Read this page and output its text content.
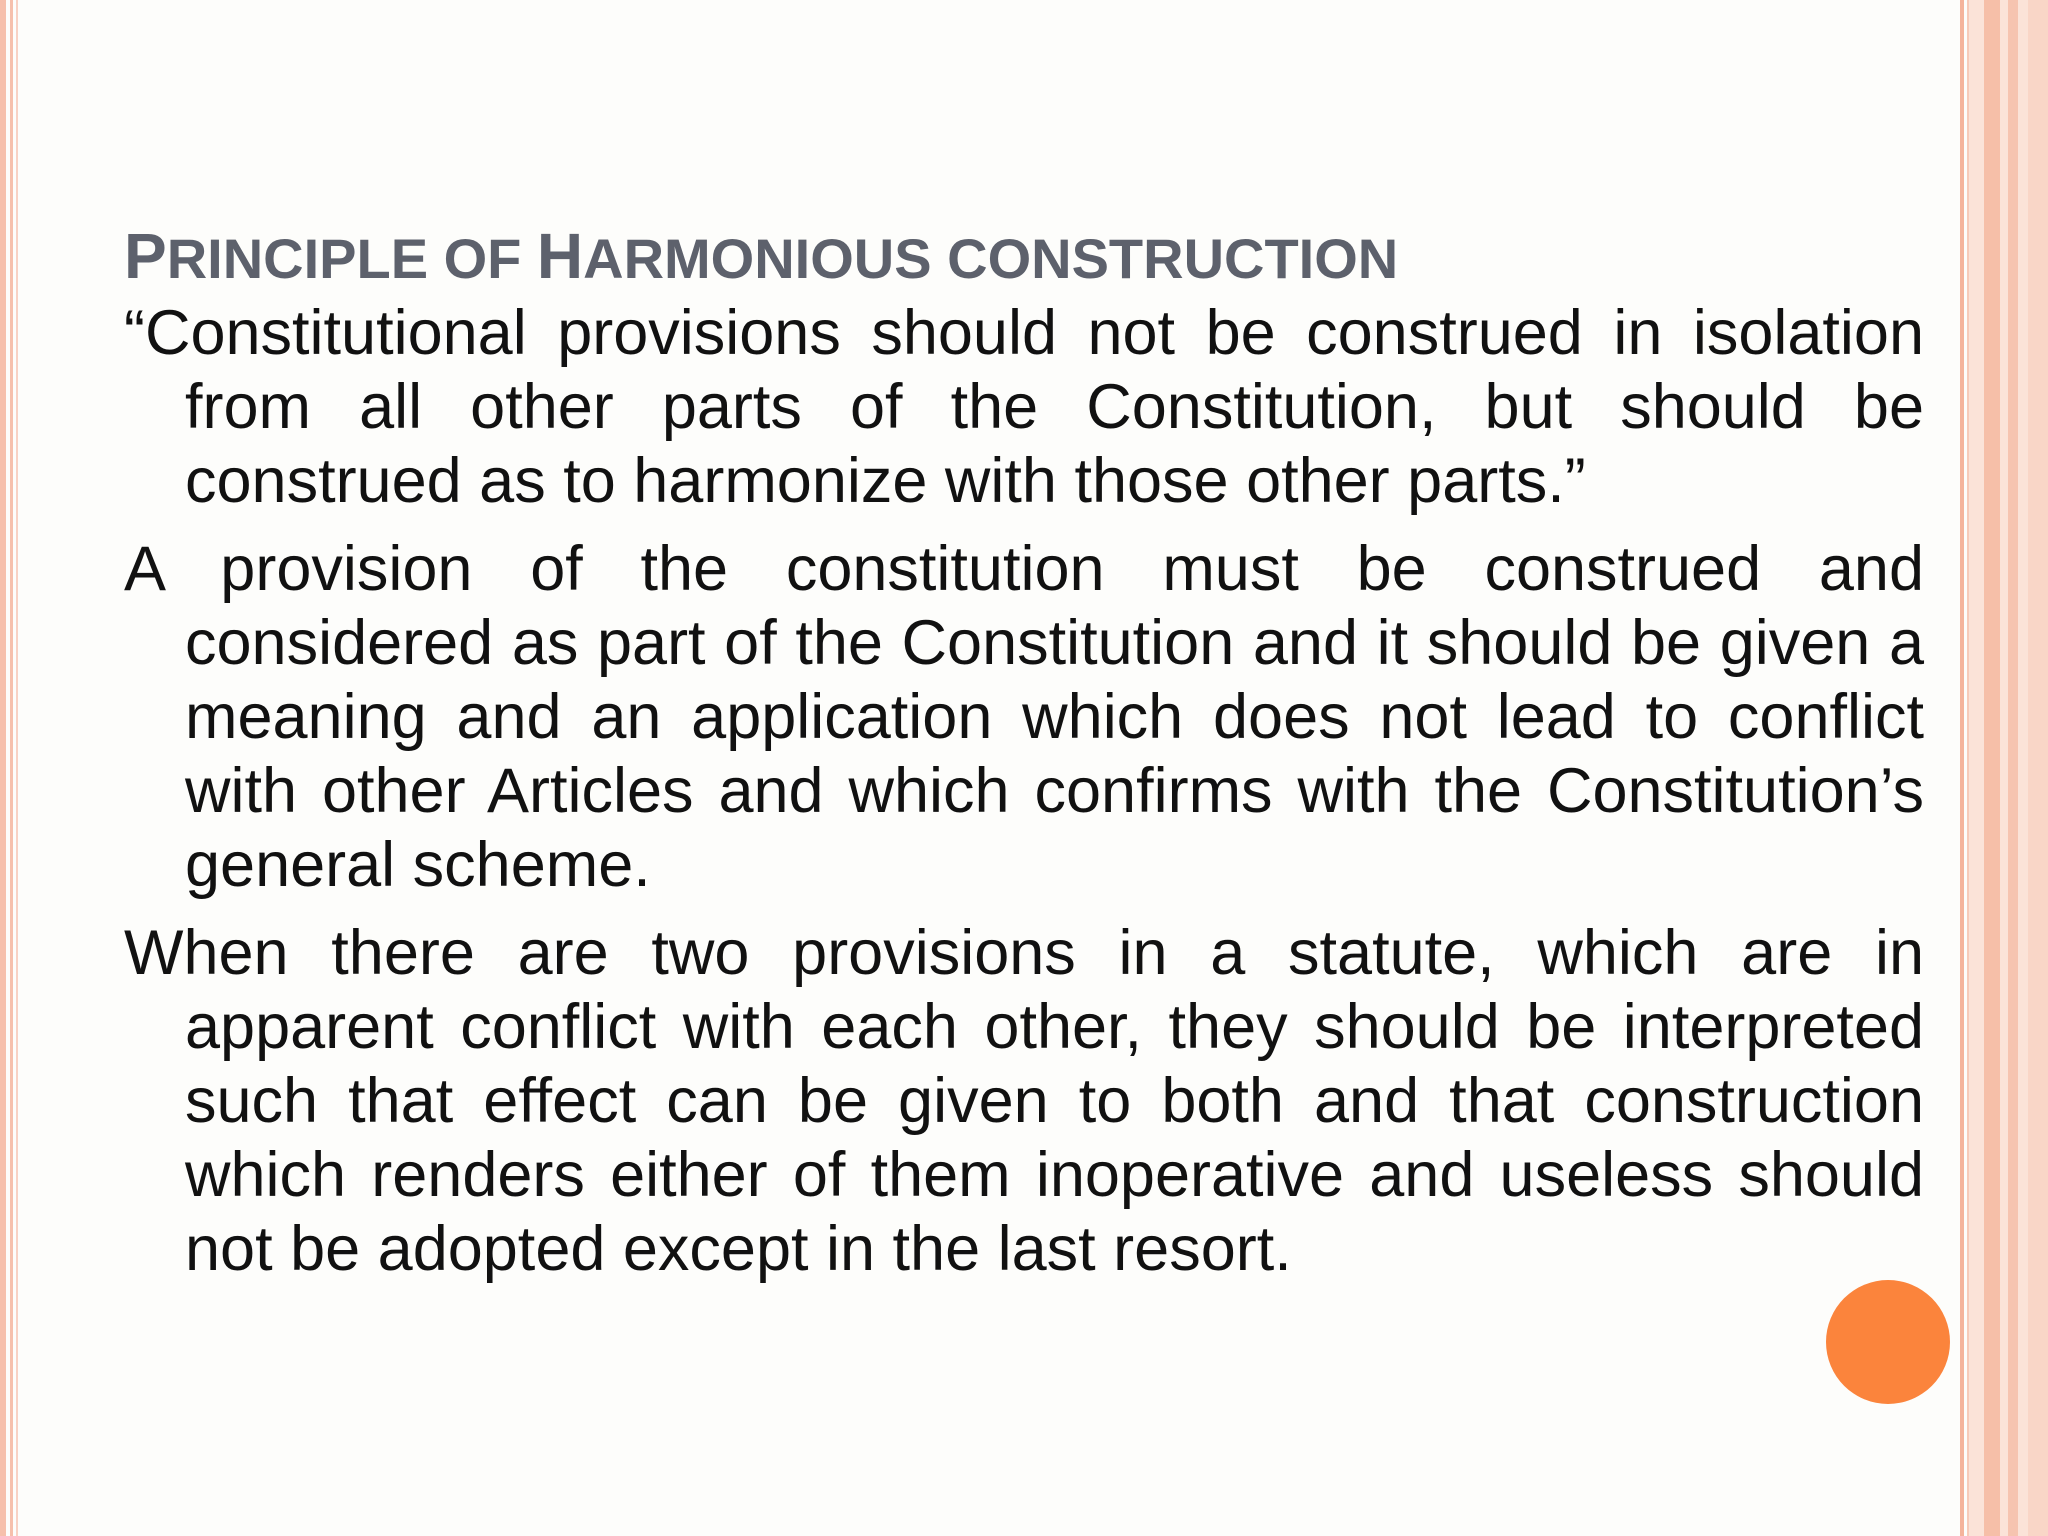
PRINCIPLE OF HARMONIOUS CONSTRUCTION

“Constitutional provisions should not be construed in isolation from all other parts of the Constitution, but should be construed as to harmonize with those other parts.”

A provision of the constitution must be construed and considered as part of the Constitution and it should be given a meaning and an application which does not lead to conflict with other Articles and which confirms with the Constitution’s general scheme.

When there are two provisions in a statute, which are in apparent conflict with each other, they should be interpreted such that effect can be given to both and that construction which renders either of them inoperative and useless should not be adopted except in the last resort.
